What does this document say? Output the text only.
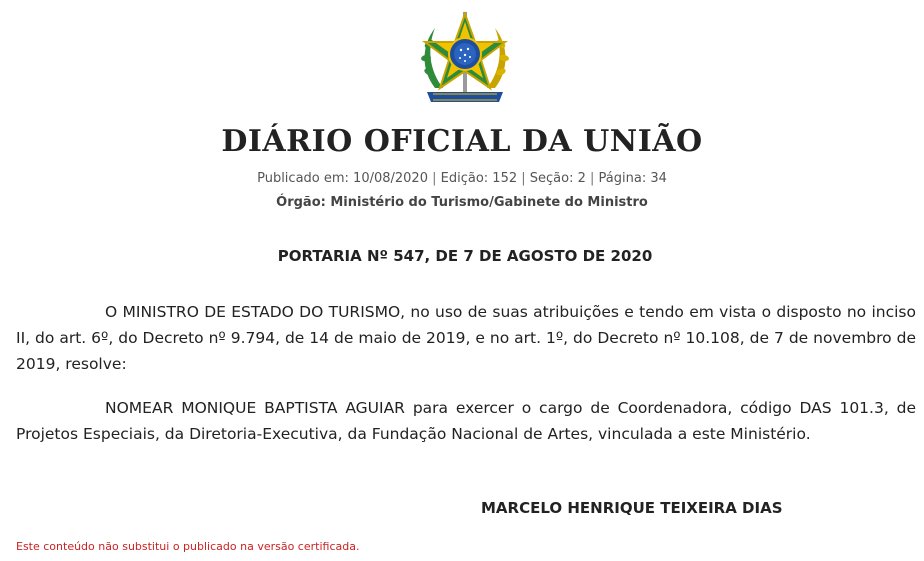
DIÁRIO OFICIAL DA UNIÃO
Publicado em: 10/08/2020 | Edição: 152 | Seção: 2 | Página: 34
Órgão: Ministério do Turismo/Gabinete do Ministro
PORTARIA Nº 547, DE 7 DE AGOSTO DE 2020
O MINISTRO DE ESTADO DO TURISMO, no uso de suas atribuições e tendo em vista o disposto no inciso II, do art. 6º, do Decreto nº 9.794, de 14 de maio de 2019, e no art. 1º, do Decreto nº 10.108, de 7 de novembro de 2019, resolve:
NOMEAR MONIQUE BAPTISTA AGUIAR para exercer o cargo de Coordenadora, código DAS 101.3, de Projetos Especiais, da Diretoria-Executiva, da Fundação Nacional de Artes, vinculada a este Ministério.
MARCELO HENRIQUE TEIXEIRA DIAS
Este conteúdo não substitui o publicado na versão certificada.
